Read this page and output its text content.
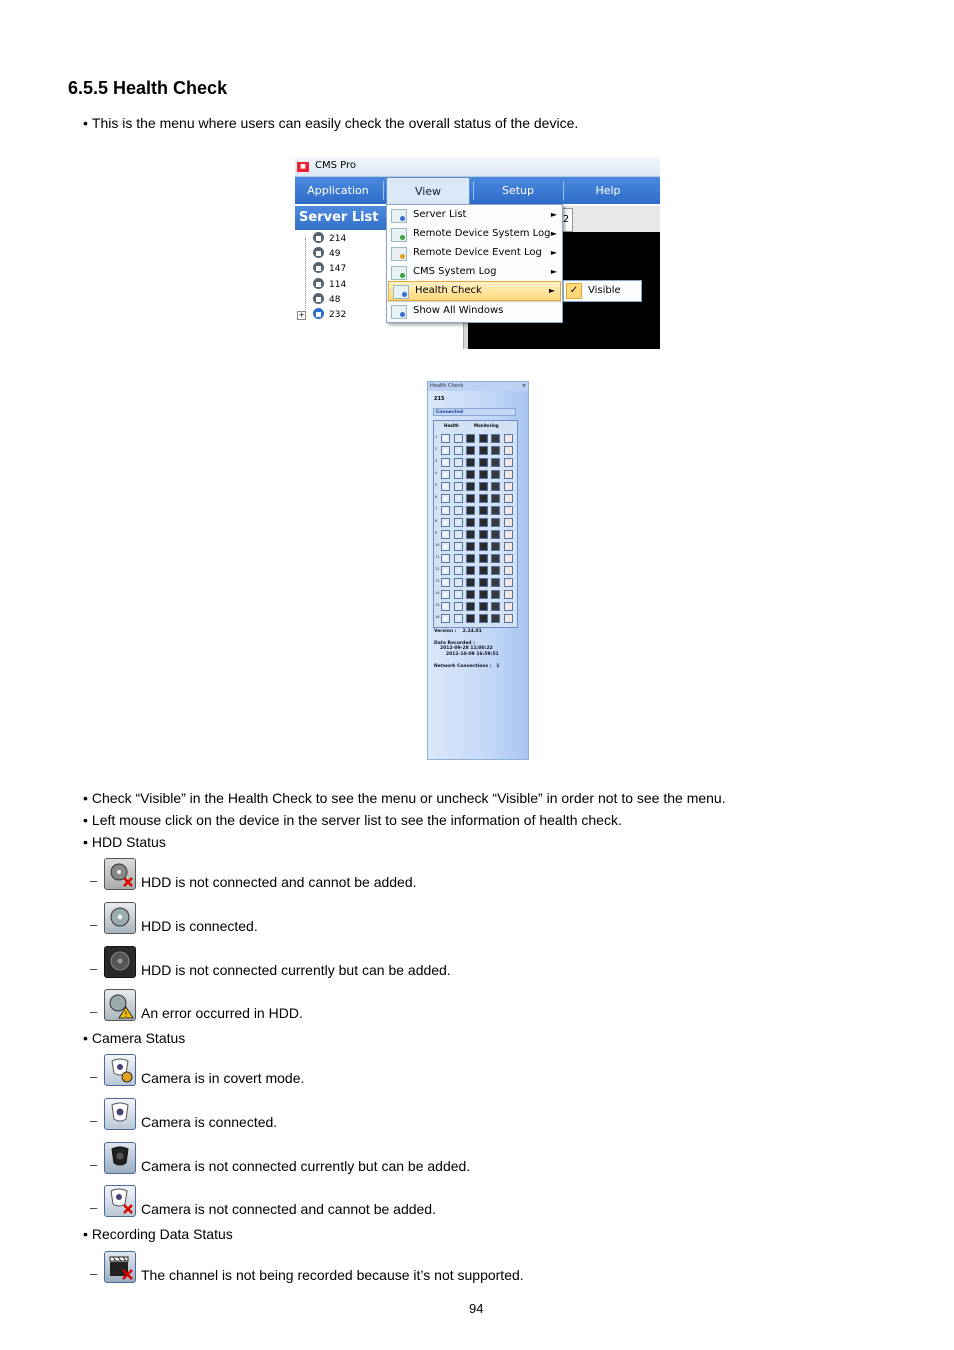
6.5.5 Health Check
• This is the menu where users can easily check the overall status of the device.
■ CMS Pro
Application	View	Setup	Help
Server List
214
49
147
114
48
+	232
2
Server List	►
Remote Device System Log ►
Remote Device Event Log ►
CMS System Log	►
Health Check	►
Show All Windows
✓ Visible
Health Check	×
215
Connected
Health	Monitoring
1
2
3
4
5
6
7
8
9
10
11
12
13
14
15
16
Version : 2.24.01
Data Recorded :
2012-09-28 11:00:22
2012-10-09 16:59:51
Network Connections : 1
• Check “Visible” in the Health Check to see the menu or uncheck “Visible” in order not to see the menu.
• Left mouse click on the device in the server list to see the information of health check.
• HDD Status
–	HDD is not connected and cannot be added.
–	HDD is connected.
–	HDD is not connected currently but can be added.
–	! An error occurred in HDD.
• Camera Status
–	Camera is in covert mode.
–	Camera is connected.
–	Camera is not connected currently but can be added.
–	Camera is not connected and cannot be added.
• Recording Data Status
–	The channel is not being recorded because it’s not supported.
94
